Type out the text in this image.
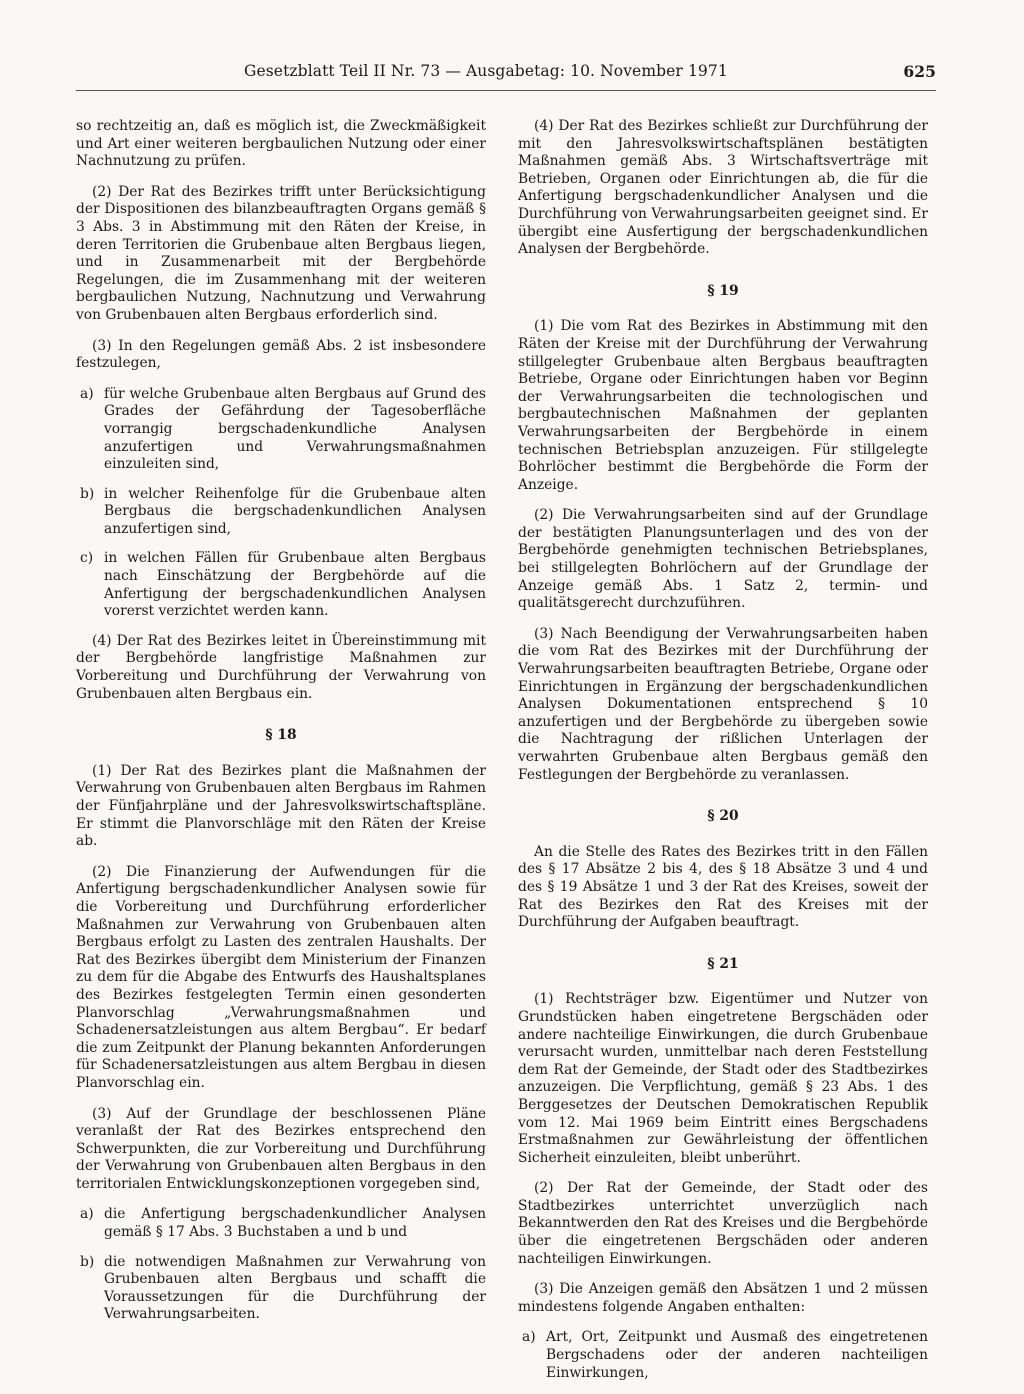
Gesetzblatt Teil II Nr. 73 — Ausgabetag: 10. November 1971	625

so rechtzeitig an, daß es möglich ist, die Zweckmäßigkeit und Art einer weiteren bergbaulichen Nutzung oder einer Nachnutzung zu prüfen.

(2) Der Rat des Bezirkes trifft unter Berücksichtigung der Dispositionen des bilanzbeauftragten Organs gemäß § 3 Abs. 3 in Abstimmung mit den Räten der Kreise, in deren Territorien die Grubenbaue alten Bergbaus liegen, und in Zusammenarbeit mit der Bergbehörde Regelungen, die im Zusammenhang mit der weiteren bergbaulichen Nutzung, Nachnutzung und Verwahrung von Grubenbauen alten Bergbaus erforderlich sind.

(3) In den Regelungen gemäß Abs. 2 ist insbesondere festzulegen,

a) für welche Grubenbaue alten Bergbaus auf Grund des Grades der Gefährdung der Tagesoberfläche vorrangig bergschadenkundliche Analysen anzufertigen und Verwahrungsmaßnahmen einzuleiten sind,
b) in welcher Reihenfolge für die Grubenbaue alten Bergbaus die bergschadenkundlichen Analysen anzufertigen sind,
c) in welchen Fällen für Grubenbaue alten Bergbaus nach Einschätzung der Bergbehörde auf die Anfertigung der bergschadenkundlichen Analysen vorerst verzichtet werden kann.

(4) Der Rat des Bezirkes leitet in Übereinstimmung mit der Bergbehörde langfristige Maßnahmen zur Vorbereitung und Durchführung der Verwahrung von Grubenbauen alten Bergbaus ein.

§ 18

(1) Der Rat des Bezirkes plant die Maßnahmen der Verwahrung von Grubenbauen alten Bergbaus im Rahmen der Fünfjahrpläne und der Jahresvolkswirtschaftspläne. Er stimmt die Planvorschläge mit den Räten der Kreise ab.

(2) Die Finanzierung der Aufwendungen für die Anfertigung bergschadenkundlicher Analysen sowie für die Vorbereitung und Durchführung erforderlicher Maßnahmen zur Verwahrung von Grubenbauen alten Bergbaus erfolgt zu Lasten des zentralen Haushalts. Der Rat des Bezirkes übergibt dem Ministerium der Finanzen zu dem für die Abgabe des Entwurfs des Haushaltsplanes des Bezirkes festgelegten Termin einen gesonderten Planvorschlag „Verwahrungsmaßnahmen und Schadenersatzleistungen aus altem Bergbau“. Er bedarf die zum Zeitpunkt der Planung bekannten Anforderungen für Schadenersatzleistungen aus altem Bergbau in diesen Planvorschlag ein.

(3) Auf der Grundlage der beschlossenen Pläne veranlaßt der Rat des Bezirkes entsprechend den Schwerpunkten, die zur Vorbereitung und Durchführung der Verwahrung von Grubenbauen alten Bergbaus in den territorialen Entwicklungskonzeptionen vorgegeben sind,

a) die Anfertigung bergschadenkundlicher Analysen gemäß § 17 Abs. 3 Buchstaben a und b und
b) die notwendigen Maßnahmen zur Verwahrung von Grubenbauen alten Bergbaus und schafft die Voraussetzungen für die Durchführung der Verwahrungsarbeiten.

(4) Der Rat des Bezirkes schließt zur Durchführung der mit den Jahresvolkswirtschaftsplänen bestätigten Maßnahmen gemäß Abs. 3 Wirtschaftsverträge mit Betrieben, Organen oder Einrichtungen ab, die für die Anfertigung bergschadenkundlicher Analysen und die Durchführung von Verwahrungsarbeiten geeignet sind. Er übergibt eine Ausfertigung der bergschadenkundlichen Analysen der Bergbehörde.

§ 19

(1) Die vom Rat des Bezirkes in Abstimmung mit den Räten der Kreise mit der Durchführung der Verwahrung stillgelegter Grubenbaue alten Bergbaus beauftragten Betriebe, Organe oder Einrichtungen haben vor Beginn der Verwahrungsarbeiten die technologischen und bergbautechnischen Maßnahmen der geplanten Verwahrungsarbeiten der Bergbehörde in einem technischen Betriebsplan anzuzeigen. Für stillgelegte Bohrlöcher bestimmt die Bergbehörde die Form der Anzeige.

(2) Die Verwahrungsarbeiten sind auf der Grundlage der bestätigten Planungsunterlagen und des von der Bergbehörde genehmigten technischen Betriebsplanes, bei stillgelegten Bohrlöchern auf der Grundlage der Anzeige gemäß Abs. 1 Satz 2, termin- und qualitätsgerecht durchzuführen.

(3) Nach Beendigung der Verwahrungsarbeiten haben die vom Rat des Bezirkes mit der Durchführung der Verwahrungsarbeiten beauftragten Betriebe, Organe oder Einrichtungen in Ergänzung der bergschadenkundlichen Analysen Dokumentationen entsprechend § 10 anzufertigen und der Bergbehörde zu übergeben sowie die Nachtragung der rißlichen Unterlagen der verwahrten Grubenbaue alten Bergbaus gemäß den Festlegungen der Bergbehörde zu veranlassen.

§ 20

An die Stelle des Rates des Bezirkes tritt in den Fällen des § 17 Absätze 2 bis 4, des § 18 Absätze 3 und 4 und des § 19 Absätze 1 und 3 der Rat des Kreises, soweit der Rat des Bezirkes den Rat des Kreises mit der Durchführung der Aufgaben beauftragt.

§ 21

(1) Rechtsträger bzw. Eigentümer und Nutzer von Grundstücken haben eingetretene Bergschäden oder andere nachteilige Einwirkungen, die durch Grubenbaue verursacht wurden, unmittelbar nach deren Feststellung dem Rat der Gemeinde, der Stadt oder des Stadtbezirkes anzuzeigen. Die Verpflichtung, gemäß § 23 Abs. 1 des Berggesetzes der Deutschen Demokratischen Republik vom 12. Mai 1969 beim Eintritt eines Bergschadens Erstmaßnahmen zur Gewährleistung der öffentlichen Sicherheit einzuleiten, bleibt unberührt.

(2) Der Rat der Gemeinde, der Stadt oder des Stadtbezirkes unterrichtet unverzüglich nach Bekanntwerden den Rat des Kreises und die Bergbehörde über die eingetretenen Bergschäden oder anderen nachteiligen Einwirkungen.

(3) Die Anzeigen gemäß den Absätzen 1 und 2 müssen mindestens folgende Angaben enthalten:

a) Art, Ort, Zeitpunkt und Ausmaß des eingetretenen Bergschadens oder der anderen nachteiligen Einwirkungen,
